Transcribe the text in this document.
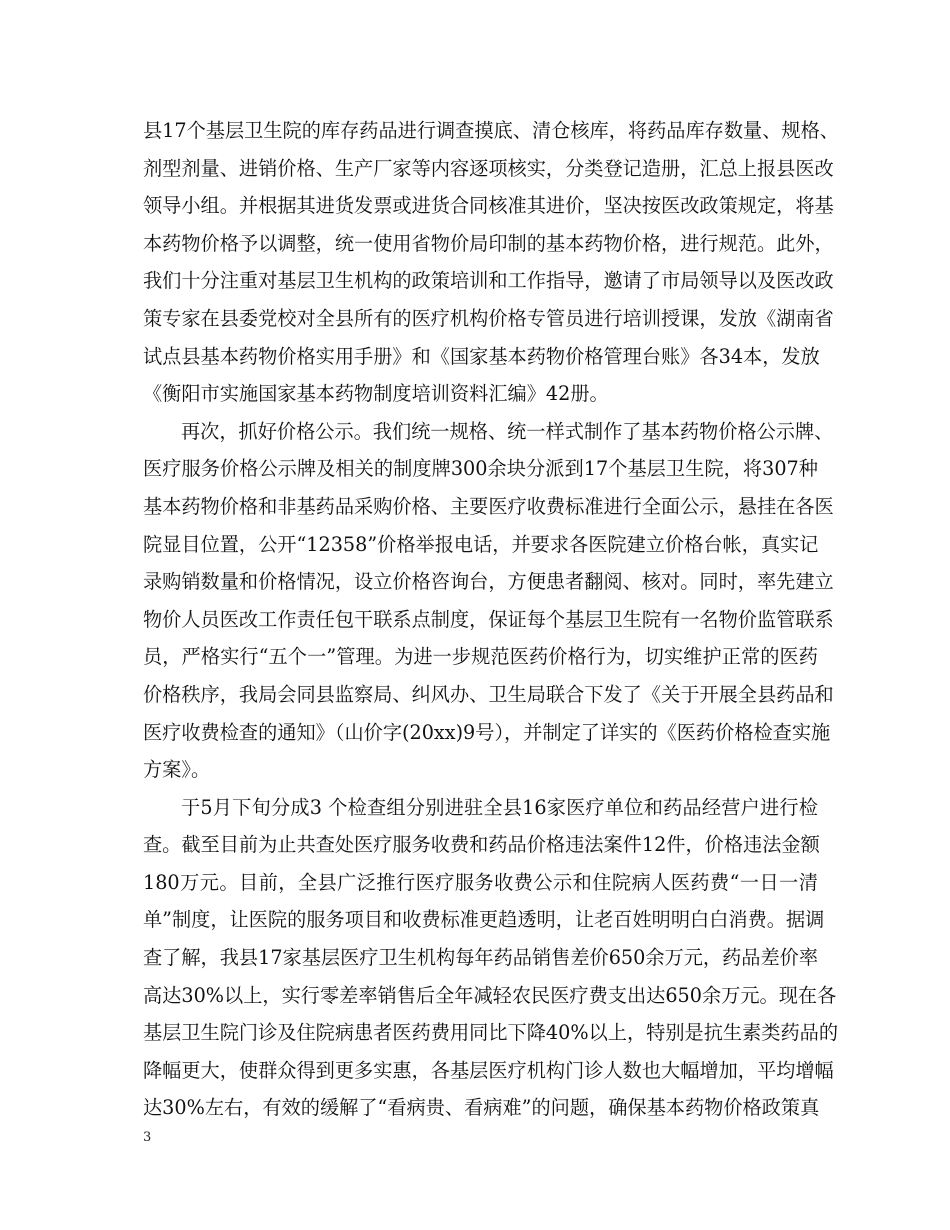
县17个基层卫生院的库存药品进行调查摸底、清仓核库，将药品库存数量、规格、
剂型剂量、进销价格、生产厂家等内容逐项核实，分类登记造册，汇总上报县医改
领导小组。并根据其进货发票或进货合同核准其进价，坚决按医改政策规定，将基
本药物价格予以调整，统一使用省物价局印制的基本药物价格，进行规范。此外，
我们十分注重对基层卫生机构的政策培训和工作指导，邀请了市局领导以及医改政
策专家在县委党校对全县所有的医疗机构价格专管员进行培训授课，发放《湖南省
试点县基本药物价格实用手册》和《国家基本药物价格管理台账》各34本，发放
《衡阳市实施国家基本药物制度培训资料汇编》42册。
再次，抓好价格公示。我们统一规格、统一样式制作了基本药物价格公示牌、
医疗服务价格公示牌及相关的制度牌300余块分派到17个基层卫生院，将307种
基本药物价格和非基药品采购价格、主要医疗收费标准进行全面公示，悬挂在各医
院显目位置，公开“12358”价格举报电话，并要求各医院建立价格台帐，真实记
录购销数量和价格情况，设立价格咨询台，方便患者翻阅、核对。同时，率先建立
物价人员医改工作责任包干联系点制度，保证每个基层卫生院有一名物价监管联系
员，严格实行“五个一”管理。为进一步规范医药价格行为，切实维护正常的医药
价格秩序，我局会同县监察局、纠风办、卫生局联合下发了《关于开展全县药品和
医疗收费检查的通知》（山价字(20xx)9号），并制定了详实的《医药价格检查实施
方案》。
于5月下旬分成3 个检查组分别进驻全县16家医疗单位和药品经营户进行检
查。截至目前为止共查处医疗服务收费和药品价格违法案件12件，价格违法金额
180万元。目前，全县广泛推行医疗服务收费公示和住院病人医药费“一日一清
单”制度，让医院的服务项目和收费标准更趋透明，让老百姓明明白白消费。据调
查了解，我县17家基层医疗卫生机构每年药品销售差价650余万元，药品差价率
高达30%以上，实行零差率销售后全年减轻农民医疗费支出达650余万元。现在各
基层卫生院门诊及住院病患者医药费用同比下降40%以上，特别是抗生素类药品的
降幅更大，使群众得到更多实惠，各基层医疗机构门诊人数也大幅增加，平均增幅
达30%左右，有效的缓解了“看病贵、看病难”的问题，确保基本药物价格政策真
3
